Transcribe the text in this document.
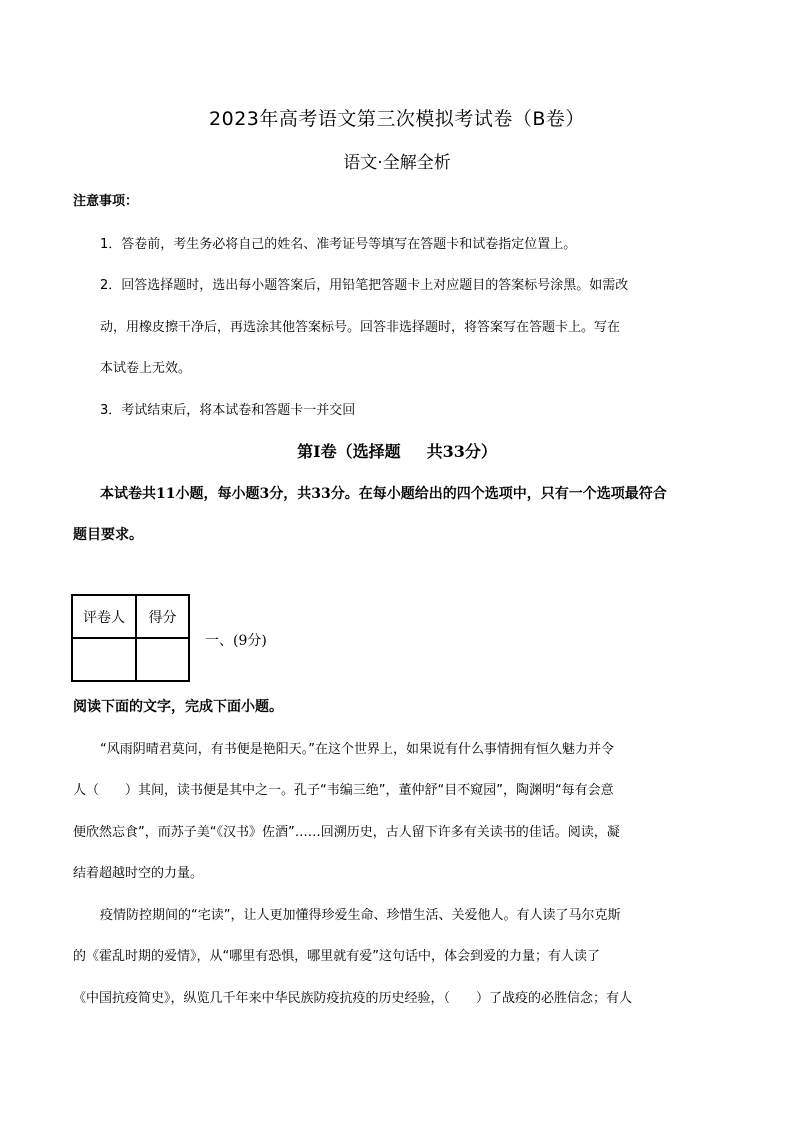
2023年高考语文第三次模拟考试卷（B卷）
语文·全解全析
注意事项：
1．答卷前，考生务必将自己的姓名、准考证号等填写在答题卡和试卷指定位置上。
2．回答选择题时，选出每小题答案后，用铅笔把答题卡上对应题目的答案标号涂黑。如需改
动，用橡皮擦干净后，再选涂其他答案标号。回答非选择题时，将答案写在答题卡上。写在
本试卷上无效。
3．考试结束后，将本试卷和答题卡一并交回
第Ⅰ卷（选择题 共33分）
本试卷共11小题，每小题3分，共33分。在每小题给出的四个选项中，只有一个选项最符合
题目要求。
评卷人	得分

一、(9分)
阅读下面的文字，完成下面小题。
“风雨阴晴君莫问，有书便是艳阳天。”在这个世界上，如果说有什么事情拥有恒久魅力并令
人（　　）其间，读书便是其中之一。孔子“韦编三绝”，董仲舒“目不窥园”，陶渊明“每有会意
便欣然忘食”，而苏子美“《汉书》佐酒”……回溯历史，古人留下许多有关读书的佳话。阅读，凝
结着超越时空的力量。
疫情防控期间的“宅读”，让人更加懂得珍爱生命、珍惜生活、关爱他人。有人读了马尔克斯
的《霍乱时期的爱情》，从“哪里有恐惧，哪里就有爱”这句话中，体会到爱的力量；有人读了
《中国抗疫简史》，纵览几千年来中华民族防疫抗疫的历史经验，（　　）了战疫的必胜信念；有人
